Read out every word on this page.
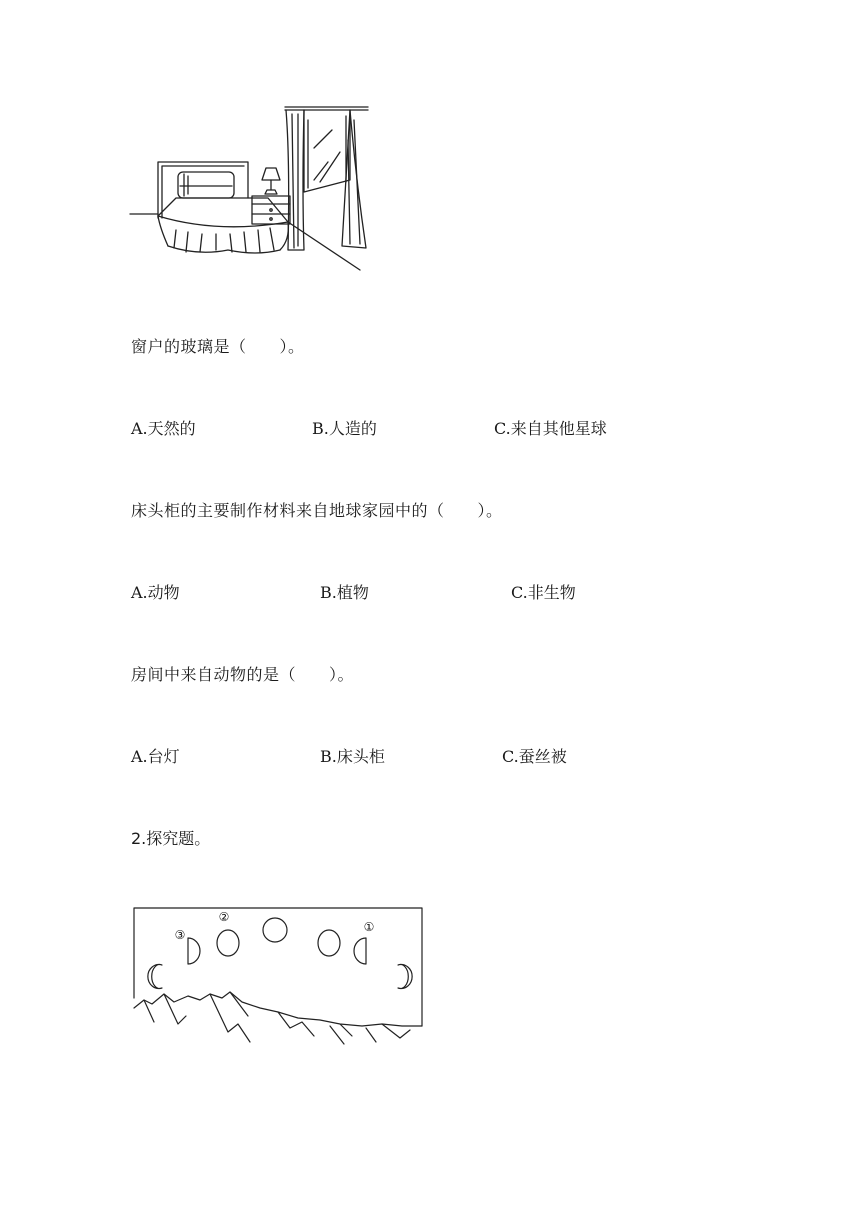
窗户的玻璃是（　　）。
A.天然的	B.人造的	C.来自其他星球
床头柜的主要制作材料来自地球家园中的（　　）。
A.动物	B.植物	C.非生物
房间中来自动物的是（　　）。
A.台灯	B.床头柜	C.蚕丝被
2.探究题。
③
②
①
